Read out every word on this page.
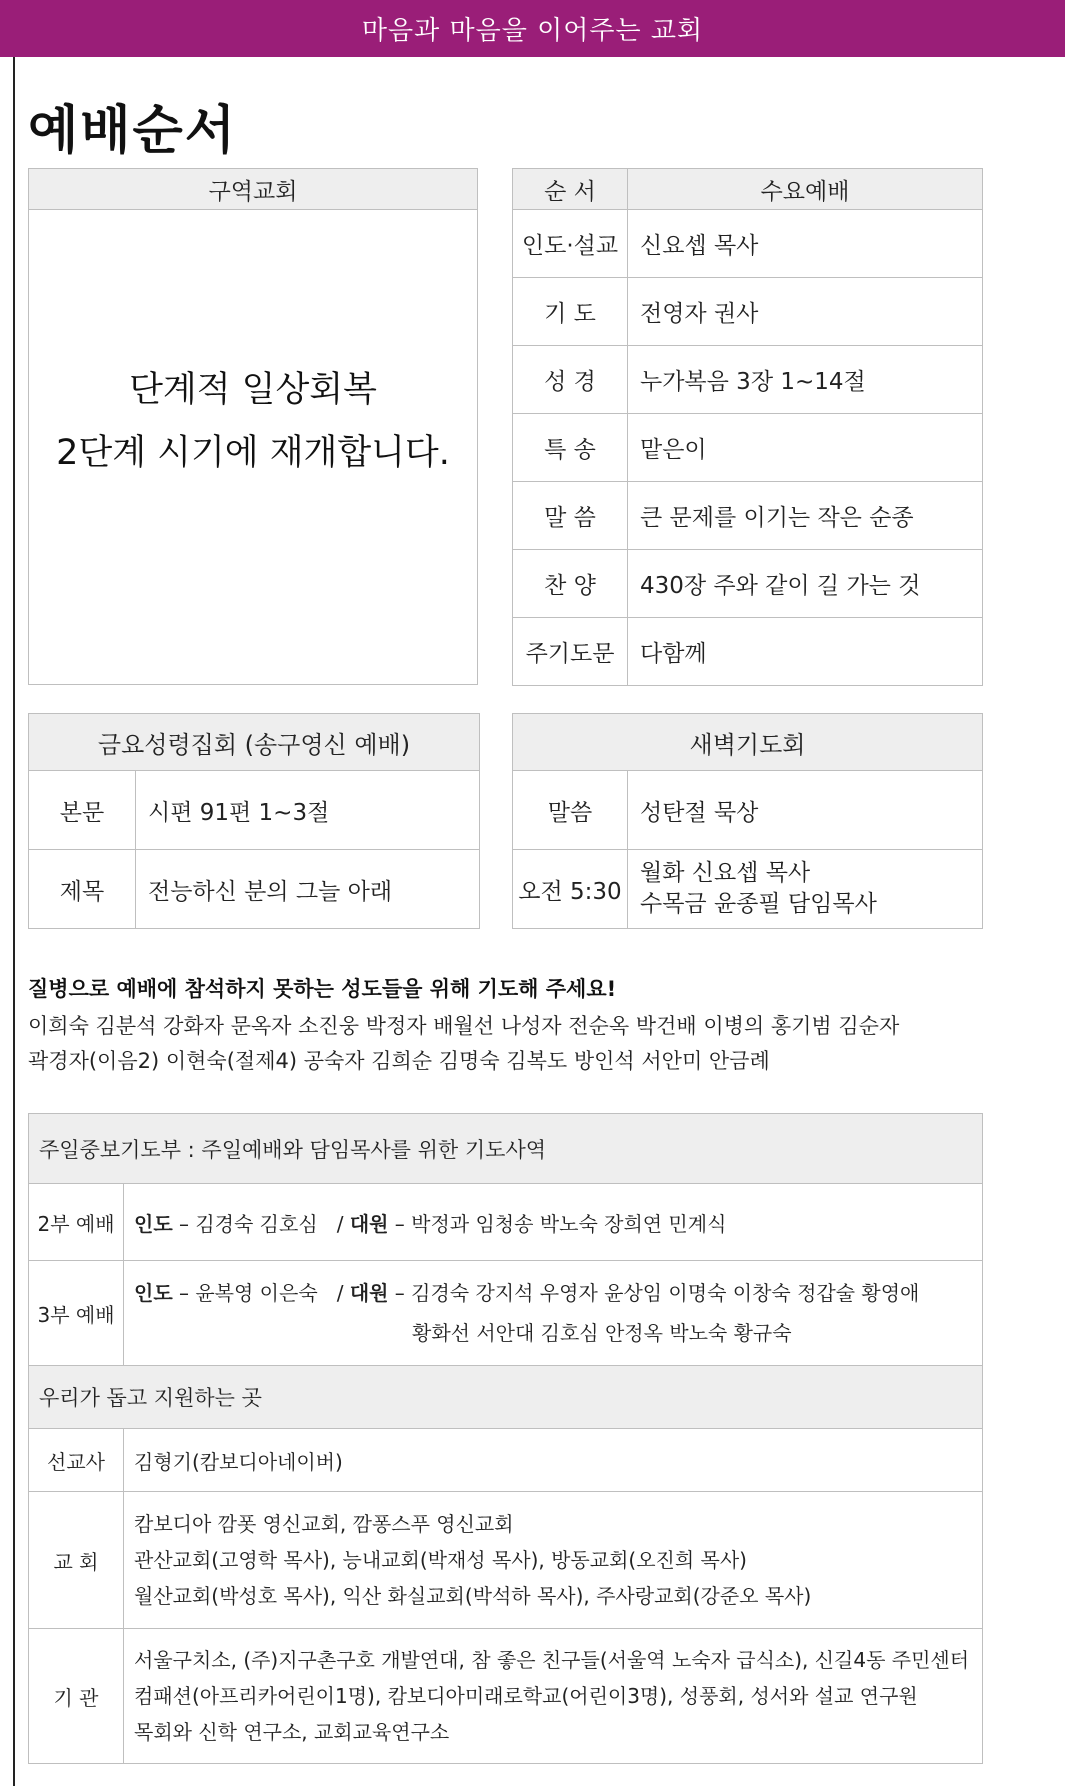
마음과 마음을 이어주는 교회
예배순서
구역교회
단계적 일상회복
2단계 시기에 재개합니다.
순 서	수요예배
인도·설교	신요셉 목사
기 도	전영자 권사
성 경	누가복음 3장 1~14절
특 송	맡은이
말 씀	큰 문제를 이기는 작은 순종
찬 양	430장 주와 같이 길 가는 것
주기도문	다함께
금요성령집회 (송구영신 예배)	
본문	시편 91편 1~3절
제목	전능하신 분의 그늘 아래
새벽기도회	
말씀	성탄절 묵상
오전 5:30	월화 신요셉 목사
수목금 윤종필 담임목사
질병으로 예배에 참석하지 못하는 성도들을 위해 기도해 주세요!
이희숙 김분석 강화자 문옥자 소진웅 박정자 배월선 나성자 전순옥 박건배 이병의 홍기범 김순자
곽경자(이음2) 이현숙(절제4) 공숙자 김희순 김명숙 김복도 방인석 서안미 안금례
주일중보기도부 : 주일예배와 담임목사를 위한 기도사역	
2부 예배	인도 – 김경숙 김호심   / 대원 – 박정과 임청송 박노숙 장희연 민계식
3부 예배	인도 – 윤복영 이은숙   / 대원 – 김경숙 강지석 우영자 윤상임 이명숙 이창숙 정갑술 황영애
황화선 서안대 김호심 안정옥 박노숙 황규숙

우리가 돕고 지원하는 곳	
선교사	김형기(캄보디아네이버)

교 회	캄보디아 깜폿 영신교회, 깜퐁스푸 영신교회
관산교회(고영학 목사), 능내교회(박재성 목사), 방동교회(오진희 목사)
월산교회(박성호 목사), 익산 화실교회(박석하 목사), 주사랑교회(강준오 목사)

기 관	서울구치소, (주)지구촌구호 개발연대, 참 좋은 친구들(서울역 노숙자 급식소), 신길4동 주민센터
컴패션(아프리카어린이1명), 캄보디아미래로학교(어린이3명), 성풍회, 성서와 설교 연구원
목회와 신학 연구소, 교회교육연구소
